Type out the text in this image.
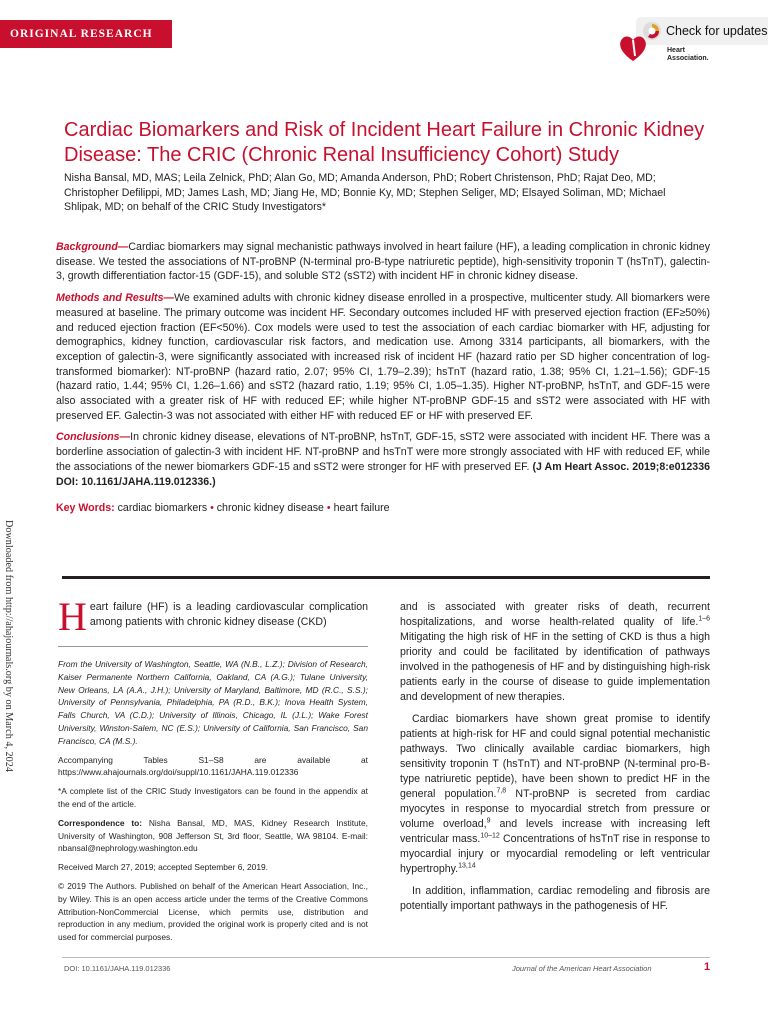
ORIGINAL RESEARCH	Check for updates
Heart
Association.
Cardiac Biomarkers and Risk of Incident Heart Failure in Chronic Kidney Disease: The CRIC (Chronic Renal Insufficiency Cohort) Study
Nisha Bansal, MD, MAS; Leila Zelnick, PhD; Alan Go, MD; Amanda Anderson, PhD; Robert Christenson, PhD; Rajat Deo, MD; Christopher Defilippi, MD; James Lash, MD; Jiang He, MD; Bonnie Ky, MD; Stephen Seliger, MD; Elsayed Soliman, MD; Michael Shlipak, MD; on behalf of the CRIC Study Investigators*

Background—Cardiac biomarkers may signal mechanistic pathways involved in heart failure (HF), a leading complication in chronic kidney disease. We tested the associations of NT-proBNP (N-terminal pro-B-type natriuretic peptide), high-sensitivity troponin T (hsTnT), galectin-3, growth differentiation factor-15 (GDF-15), and soluble ST2 (sST2) with incident HF in chronic kidney disease.

Methods and Results—We examined adults with chronic kidney disease enrolled in a prospective, multicenter study. All biomarkers were measured at baseline. The primary outcome was incident HF. Secondary outcomes included HF with preserved ejection fraction (EF≥50%) and reduced ejection fraction (EF<50%). Cox models were used to test the association of each cardiac biomarker with HF, adjusting for demographics, kidney function, cardiovascular risk factors, and medication use. Among 3314 participants, all biomarkers, with the exception of galectin-3, were significantly associated with increased risk of incident HF (hazard ratio per SD higher concentration of log-transformed biomarker): NT-proBNP (hazard ratio, 2.07; 95% CI, 1.79–2.39); hsTnT (hazard ratio, 1.38; 95% CI, 1.21–1.56); GDF-15 (hazard ratio, 1.44; 95% CI, 1.26–1.66) and sST2 (hazard ratio, 1.19; 95% CI, 1.05–1.35). Higher NT-proBNP, hsTnT, and GDF-15 were also associated with a greater risk of HF with reduced EF; while higher NT-proBNP GDF-15 and sST2 were associated with HF with preserved EF. Galectin-3 was not associated with either HF with reduced EF or HF with preserved EF.

Conclusions—In chronic kidney disease, elevations of NT-proBNP, hsTnT, GDF-15, sST2 were associated with incident HF. There was a borderline association of galectin-3 with incident HF. NT-proBNP and hsTnT were more strongly associated with HF with reduced EF, while the associations of the newer biomarkers GDF-15 and sST2 were stronger for HF with preserved EF. (J Am Heart Assoc. 2019;8:e012336 DOI: 10.1161/JAHA.119.012336.)

Key Words: cardiac biomarkers • chronic kidney disease • heart failure

Downloaded from http://ahajournals.org by on March 4, 2024 Heart failure (HF) is a leading cardiovascular complication among patients with chronic kidney disease (CKD)

From the University of Washington, Seattle, WA (N.B., L.Z.); Division of Research, Kaiser Permanente Northern California, Oakland, CA (A.G.); Tulane University, New Orleans, LA (A.A., J.H.); University of Maryland, Baltimore, MD (R.C., S.S.); University of Pennsylvania, Philadelphia, PA (R.D., B.K.); Inova Health System, Falls Church, VA (C.D.); University of Illinois, Chicago, IL (J.L.); Wake Forest University, Winston-Salem, NC (E.S.); University of California, San Francisco, San Francisco, CA (M.S.).

Accompanying Tables S1–S8 are available at https://www.ahajournals.org/doi/suppl/10.1161/JAHA.119.012336

*A complete list of the CRIC Study Investigators can be found in the appendix at the end of the article.

Correspondence to: Nisha Bansal, MD, MAS, Kidney Research Institute, University of Washington, 908 Jefferson St, 3rd floor, Seattle, WA 98104. E-mail: nbansal@nephrology.washington.edu

Received March 27, 2019; accepted September 6, 2019.

© 2019 The Authors. Published on behalf of the American Heart Association, Inc., by Wiley. This is an open access article under the terms of the Creative Commons Attribution-NonCommercial License, which permits use, distribution and reproduction in any medium, provided the original work is properly cited and is not used for commercial purposes.

and is associated with greater risks of death, recurrent hospitalizations, and worse health-related quality of life.$^{1-6}$ Mitigating the high risk of HF in the setting of CKD is thus a high priority and could be facilitated by identification of pathways involved in the pathogenesis of HF and by distinguishing high-risk patients early in the course of disease to guide implementation and development of new therapies.

Cardiac biomarkers have shown great promise to identify patients at high-risk for HF and could signal potential mechanistic pathways. Two clinically available cardiac biomarkers, high sensitivity troponin T (hsTnT) and NT-proBNP (N-terminal pro-B-type natriuretic peptide), have been shown to predict HF in the general population.$^{7,8}$ NT-proBNP is secreted from cardiac myocytes in response to myocardial stretch from pressure or volume overload,$^9$ and levels increase with increasing left ventricular mass.$^{10-12}$ Concentrations of hsTnT rise in response to myocardial injury or myocardial remodeling or left ventricular hypertrophy.$^{13,14}$

In addition, inflammation, cardiac remodeling and fibrosis are potentially important pathways in the pathogenesis of HF.

DOI: 10.1161/JAHA.119.012336	Journal of the American Heart Association	1
